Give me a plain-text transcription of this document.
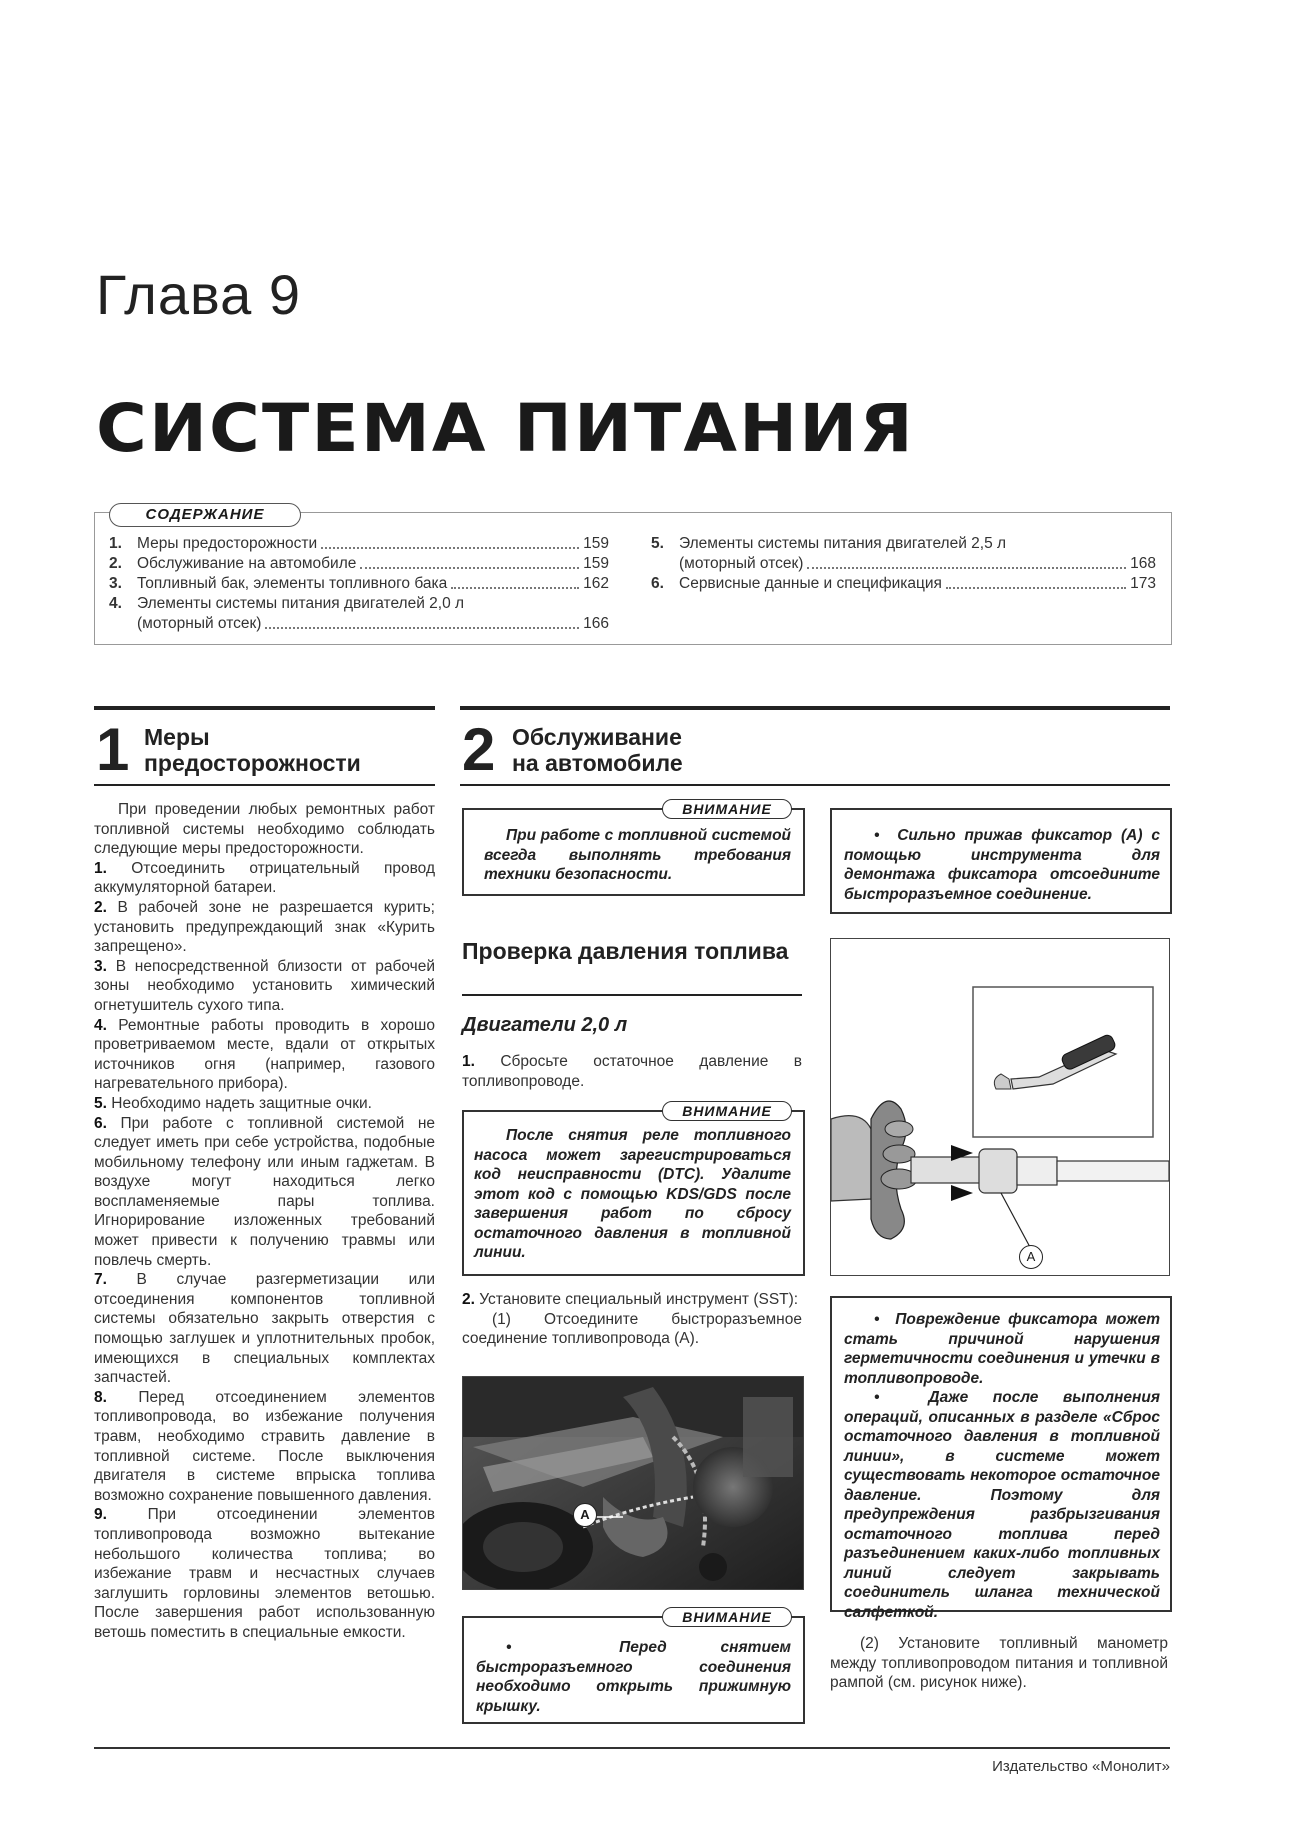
Глава 9
СИСТЕМА ПИТАНИЯ
СОДЕРЖАНИЕ
1. Меры предосторожности	159
2. Обслуживание на автомобиле	159
3. Топливный бак, элементы топливного бака	162
4. Элементы системы питания двигателей 2,0 л
(моторный отсек)	166
5. Элементы системы питания двигателей 2,5 л
(моторный отсек)	168
6. Сервисные данные и спецификация	173
1 Меры
предосторожности

При проведении любых ремонтных работ топливной системы необходимо соблюдать следующие меры предосторожности.

1. Отсоединить отрицательный провод аккумуляторной батареи.

2. В рабочей зоне не разрешается курить; установить предупреждающий знак «Курить запрещено».

3. В непосредственной близости от рабочей зоны необходимо установить химический огнетушитель сухого типа.

4. Ремонтные работы проводить в хорошо проветриваемом месте, вдали от открытых источников огня (например, газового нагревательного прибора).

5. Необходимо надеть защитные очки.

6. При работе с топливной системой не следует иметь при себе устройства, подобные мобильному телефону или иным гаджетам. В воздухе могут находиться легко воспламеняемые пары топлива. Игнорирование изложенных требований может привести к получению травмы или повлечь смерть.

7. В случае разгерметизации или отсоединения компонентов топливной системы обязательно закрыть отверстия с помощью заглушек и уплотнительных пробок, имеющихся в специальных комплектах запчастей.

8. Перед отсоединением элементов топливопровода, во избежание получения травм, необходимо стравить давление в топливной системе. После выключения двигателя в системе впрыска топлива возможно сохранение повышенного давления.

9.	При отсоединении элементов топливопровода возможно вытекание небольшого количества топлива; во избежание травм и несчастных случаев заглушить горловины элементов ветошью. После завершения работ использованную ветошь поместить в специальные емкости.

2 Обслуживание
на автомобиле
ВНИМАНИЕ
При работе с топливной системой всегда выполнять требования техники безопасности.
Проверка давления топлива
Двигатели 2,0 л

1. Сбросьте остаточное давление в топливопроводе.

ВНИМАНИЕ
После снятия реле топливного насоса может зарегистрироваться код неисправности (DTC). Удалите этот код с помощью KDS/GDS после завершения работ по сбросу остаточного давления в топливной линии.

2. Установите специальный инструмент (SST):

(1) Отсоедините быстроразъемное соединение топливопровода (А).

A
ВНИМАНИЕ
•  Перед снятием быстроразъемного соединения необходимо открыть прижимную крышку.
•  Сильно прижав фиксатор (А) с помощью инструмента для демонтажа фиксатора отсоедините быстроразъемное соединение.
A
•  Повреждение фиксатора может стать причиной нарушения герметичности соединения и утечки в топливопроводе.
•  Даже после выполнения операций, описанных в разделе «Сброс остаточного давления в топливной линии», в системе может существовать некоторое остаточное давление. Поэтому для предупреждения разбрызгивания остаточного топлива перед разъединением каких-либо топливных линий следует закрывать соединитель шланга технической салфеткой.
(2) Установите топливный манометр между топливопроводом питания и топливной рампой (см. рисунок ниже).
Издательство «Монолит»
